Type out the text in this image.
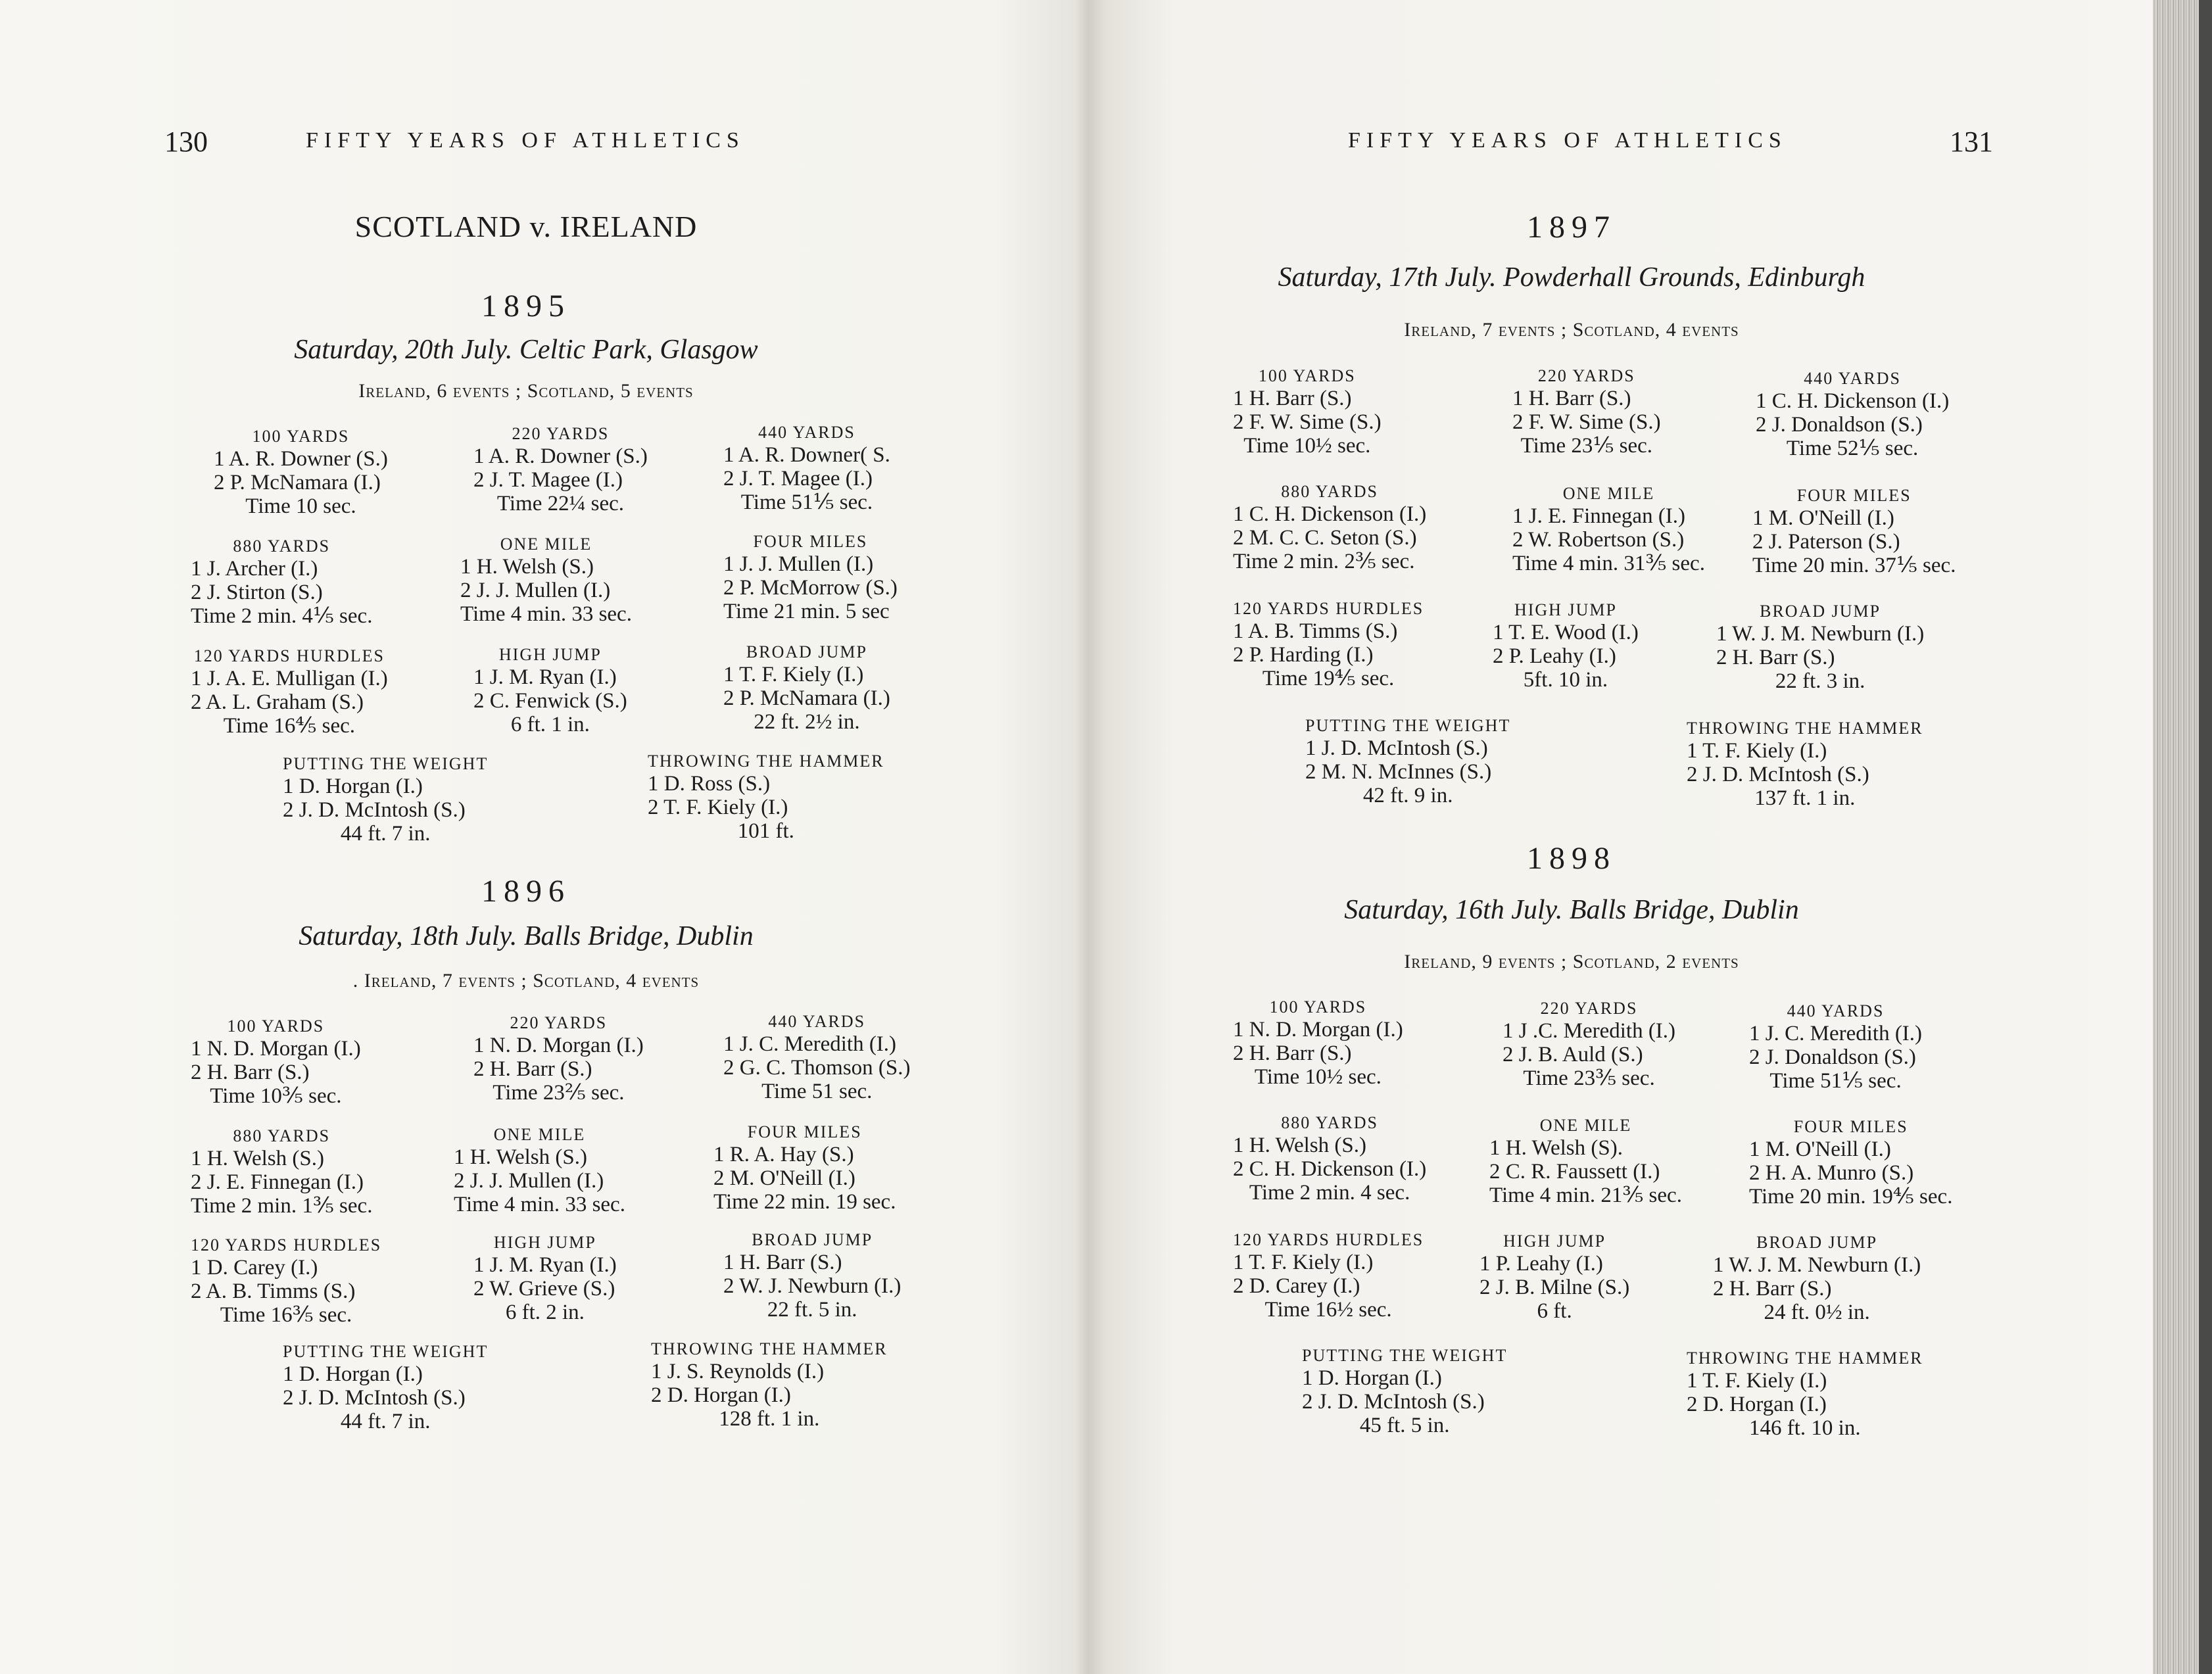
130	FIFTY YEARS OF ATHLETICS
SCOTLAND v. IRELAND
1895
Saturday, 20th July. Celtic Park, Glasgow
Ireland, 6 events ; Scotland, 5 events
100 YARDS
1 A. R. Downer (S.)
2 P. McNamara (I.)
Time 10 sec.
220 YARDS
1 A. R. Downer (S.)
2 J. T. Magee (I.)
Time 22¼ sec.
440 YARDS
1 A. R. Downer( S.
2 J. T. Magee (I.)
Time 51⅕ sec.
880 YARDS
1 J. Archer (I.)
2 J. Stirton (S.)
Time 2 min. 4⅕ sec.
ONE MILE
1 H. Welsh (S.)
2 J. J. Mullen (I.)
Time 4 min. 33 sec.
FOUR MILES
1 J. J. Mullen (I.)
2 P. McMorrow (S.)
Time 21 min. 5 sec
120 YARDS HURDLES
1 J. A. E. Mulligan (I.)
2 A. L. Graham (S.)
Time 16⅘ sec.
HIGH JUMP
1 J. M. Ryan (I.)
2 C. Fenwick (S.)
6 ft. 1 in.
BROAD JUMP
1 T. F. Kiely (I.)
2 P. McNamara (I.)
22 ft. 2½ in.
PUTTING THE WEIGHT
1 D. Horgan (I.)
2 J. D. McIntosh (S.)
44 ft. 7 in.
THROWING THE HAMMER
1 D. Ross (S.)
2 T. F. Kiely (I.)
101 ft.
1896
Saturday, 18th July. Balls Bridge, Dublin
. Ireland, 7 events ; Scotland, 4 events
100 YARDS
1 N. D. Morgan (I.)
2 H. Barr (S.)
Time 10⅗ sec.
220 YARDS
1 N. D. Morgan (I.)
2 H. Barr (S.)
Time 23⅖ sec.
440 YARDS
1 J. C. Meredith (I.)
2 G. C. Thomson (S.)
Time 51 sec.
880 YARDS
1 H. Welsh (S.)
2 J. E. Finnegan (I.)
Time 2 min. 1⅗ sec.
ONE MILE
1 H. Welsh (S.)
2 J. J. Mullen (I.)
Time 4 min. 33 sec.
FOUR MILES
1 R. A. Hay (S.)
2 M. O'Neill (I.)
Time 22 min. 19 sec.
120 YARDS HURDLES
1 D. Carey (I.)
2 A. B. Timms (S.)
Time 16⅗ sec.
HIGH JUMP
1 J. M. Ryan (I.)
2 W. Grieve (S.)
6 ft. 2 in.
BROAD JUMP
1 H. Barr (S.)
2 W. J. Newburn (I.)
22 ft. 5 in.
PUTTING THE WEIGHT
1 D. Horgan (I.)
2 J. D. McIntosh (S.)
44 ft. 7 in.
THROWING THE HAMMER
1 J. S. Reynolds (I.)
2 D. Horgan (I.)
128 ft. 1 in.
FIFTY YEARS OF ATHLETICS	131
1897
Saturday, 17th July. Powderhall Grounds, Edinburgh
Ireland, 7 events ; Scotland, 4 events
100 YARDS
1 H. Barr (S.)
2 F. W. Sime (S.)
Time 10½ sec.
220 YARDS
1 H. Barr (S.)
2 F. W. Sime (S.)
Time 23⅕ sec.
440 YARDS
1 C. H. Dickenson (I.)
2 J. Donaldson (S.)
Time 52⅕ sec.
880 YARDS
1 C. H. Dickenson (I.)
2 M. C. C. Seton (S.)
Time 2 min. 2⅗ sec.
ONE MILE
1 J. E. Finnegan (I.)
2 W. Robertson (S.)
Time 4 min. 31⅗ sec.
FOUR MILES
1 M. O'Neill (I.)
2 J. Paterson (S.)
Time 20 min. 37⅕ sec.
120 YARDS HURDLES
1 A. B. Timms (S.)
2 P. Harding (I.)
Time 19⅘ sec.
HIGH JUMP
1 T. E. Wood (I.)
2 P. Leahy (I.)
5ft. 10 in.
BROAD JUMP
1 W. J. M. Newburn (I.)
2 H. Barr (S.)
22 ft. 3 in.
PUTTING THE WEIGHT
1 J. D. McIntosh (S.)
2 M. N. McInnes (S.)
42 ft. 9 in.
THROWING THE HAMMER
1 T. F. Kiely (I.)
2 J. D. McIntosh (S.)
137 ft. 1 in.
1898
Saturday, 16th July. Balls Bridge, Dublin
Ireland, 9 events ; Scotland, 2 events
100 YARDS
1 N. D. Morgan (I.)
2 H. Barr (S.)
Time 10½ sec.
220 YARDS
1 J .C. Meredith (I.)
2 J. B. Auld (S.)
Time 23⅗ sec.
440 YARDS
1 J. C. Meredith (I.)
2 J. Donaldson (S.)
Time 51⅕ sec.
880 YARDS
1 H. Welsh (S.)
2 C. H. Dickenson (I.)
Time 2 min. 4 sec.
ONE MILE
1 H. Welsh (S).
2 C. R. Faussett (I.)
Time 4 min. 21⅗ sec.
FOUR MILES
1 M. O'Neill (I.)
2 H. A. Munro (S.)
Time 20 min. 19⅘ sec.
120 YARDS HURDLES
1 T. F. Kiely (I.)
2 D. Carey (I.)
Time 16½ sec.
HIGH JUMP
1 P. Leahy (I.)
2 J. B. Milne (S.)
6 ft.
BROAD JUMP
1 W. J. M. Newburn (I.)
2 H. Barr (S.)
24 ft. 0½ in.
PUTTING THE WEIGHT
1 D. Horgan (I.)
2 J. D. McIntosh (S.)
45 ft. 5 in.
THROWING THE HAMMER
1 T. F. Kiely (I.)
2 D. Horgan (I.)
146 ft. 10 in.
